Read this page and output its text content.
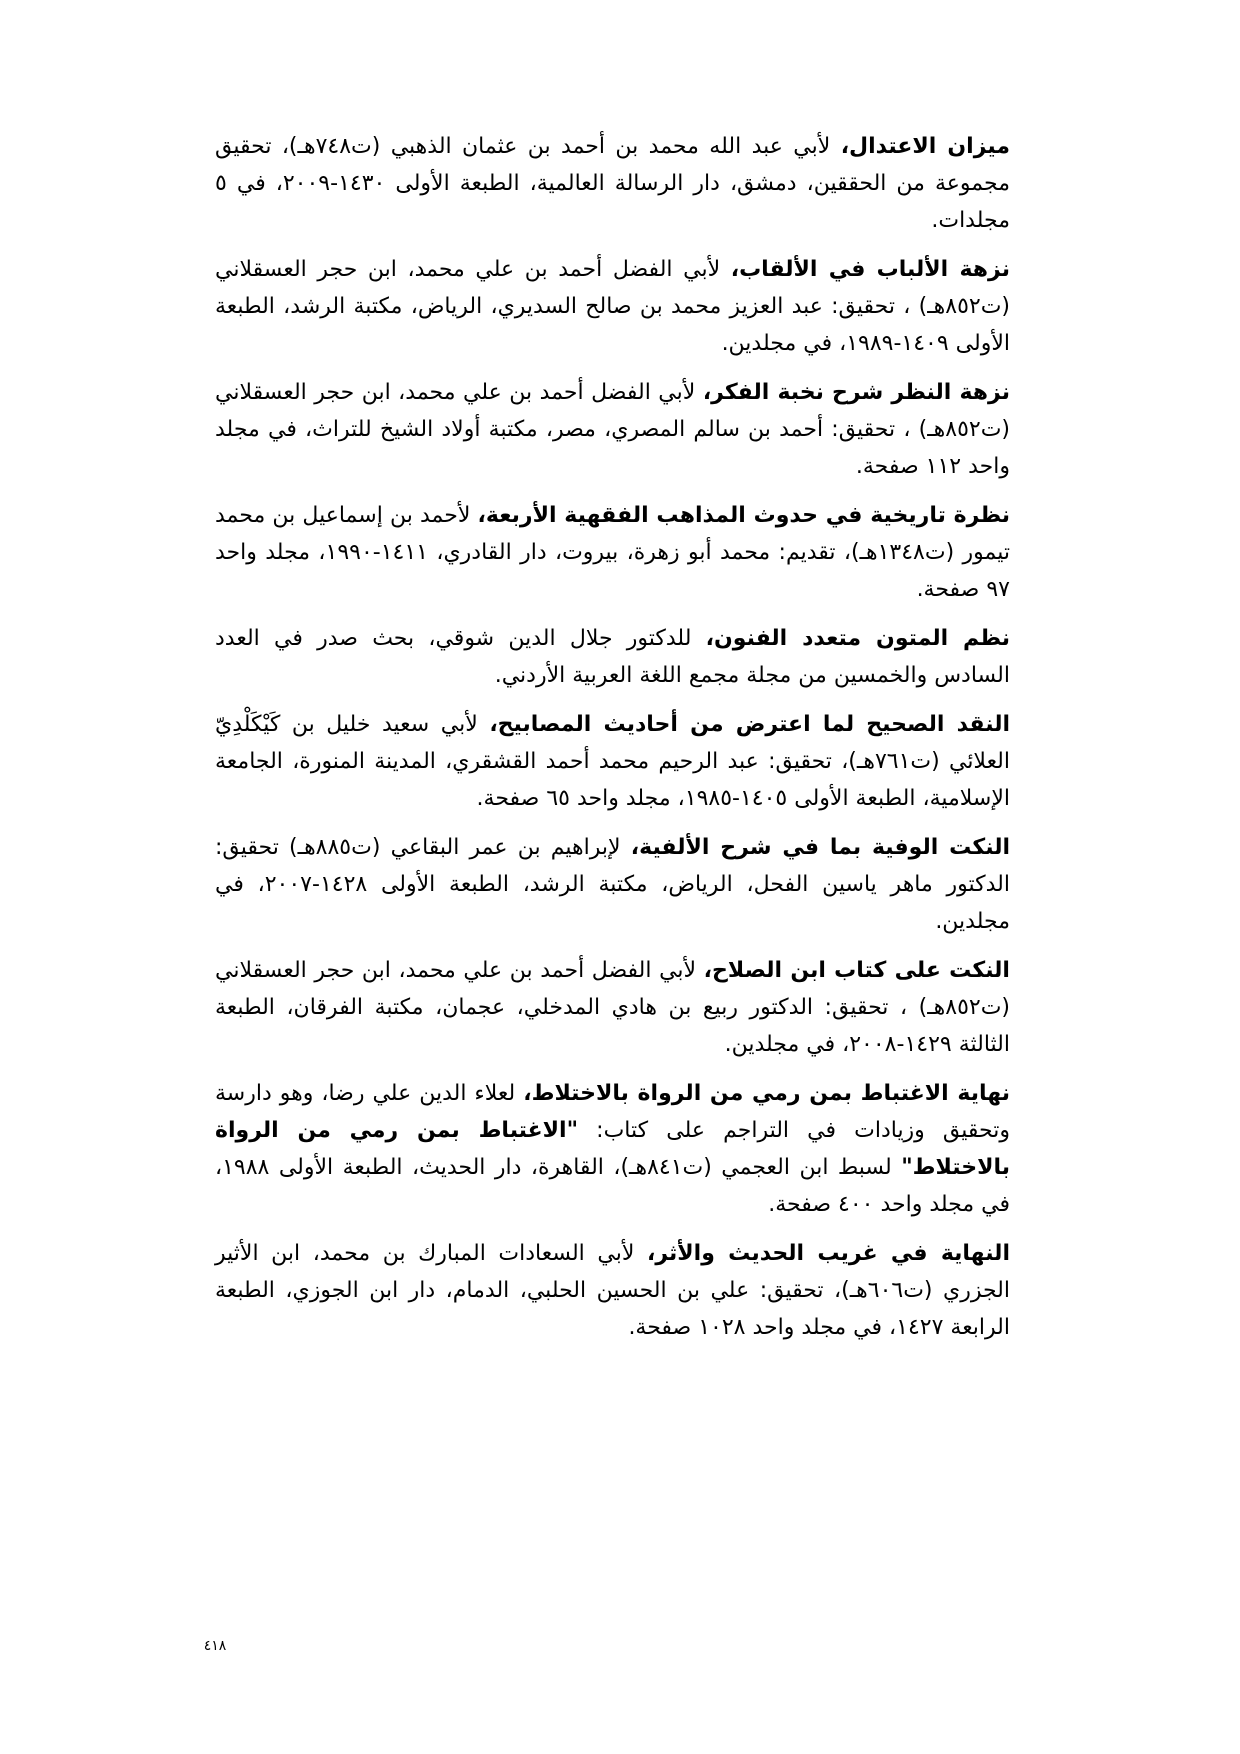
ميزان الاعتدال، لأبي عبد الله محمد بن أحمد بن عثمان الذهبي (ت٧٤٨هـ)، تحقيق مجموعة من الحققين، دمشق، دار الرسالة العالمية، الطبعة الأولى ١٤٣٠-٢٠٠٩، في ٥ مجلدات.

نزهة الألباب في الألقاب، لأبي الفضل أحمد بن علي محمد، ابن حجر العسقلاني (ت٨٥٢هـ) ، تحقيق: عبد العزيز محمد بن صالح السديري، الرياض، مكتبة الرشد، الطبعة الأولى ١٤٠٩-١٩٨٩، في مجلدين.

نزهة النظر شرح نخبة الفكر، لأبي الفضل أحمد بن علي محمد، ابن حجر العسقلاني (ت٨٥٢هـ) ، تحقيق: أحمد بن سالم المصري، مصر، مكتبة أولاد الشيخ للتراث، في مجلد واحد ١١٢ صفحة.

نظرة تاريخية في حدوث المذاهب الفقهية الأربعة، لأحمد بن إسماعيل بن محمد تيمور (ت١٣٤٨هـ)، تقديم: محمد أبو زهرة، بيروت، دار القادري، ١٤١١-١٩٩٠، مجلد واحد ٩٧ صفحة.

نظم المتون متعدد الفنون، للدكتور جلال الدين شوقي، بحث صدر في العدد السادس والخمسين من مجلة مجمع اللغة العربية الأردني.

النقد الصحيح لما اعترض من أحاديث المصابيح، لأبي سعيد خليل بن كَيْكَلْدِيّ العلائي (ت٧٦١هـ)، تحقيق: عبد الرحيم محمد أحمد القشقري، المدينة المنورة، الجامعة الإسلامية، الطبعة الأولى ١٤٠٥-١٩٨٥، مجلد واحد ٦٥ صفحة.

النكت الوفية بما في شرح الألفية، لإبراهيم بن عمر البقاعي (ت٨٨٥هـ) تحقيق: الدكتور ماهر ياسين الفحل، الرياض، مكتبة الرشد، الطبعة الأولى ١٤٢٨-٢٠٠٧، في مجلدين.

النكت على كتاب ابن الصلاح، لأبي الفضل أحمد بن علي محمد، ابن حجر العسقلاني (ت٨٥٢هـ) ، تحقيق: الدكتور ربيع بن هادي المدخلي، عجمان، مكتبة الفرقان، الطبعة الثالثة ١٤٢٩-٢٠٠٨، في مجلدين.

نهاية الاغتباط بمن رمي من الرواة بالاختلاط، لعلاء الدين علي رضا، وهو دارسة وتحقيق وزيادات في التراجم على كتاب: "الاغتباط بمن رمي من الرواة بالاختلاط" لسبط ابن العجمي (ت٨٤١هـ)، القاهرة، دار الحديث، الطبعة الأولى ١٩٨٨، في مجلد واحد ٤٠٠ صفحة.

النهاية في غريب الحديث والأثر، لأبي السعادات المبارك بن محمد، ابن الأثير الجزري (ت٦٠٦هـ)، تحقيق: علي بن الحسين الحلبي، الدمام، دار ابن الجوزي، الطبعة الرابعة ١٤٢٧، في مجلد واحد ١٠٢٨ صفحة.

٤١٨
